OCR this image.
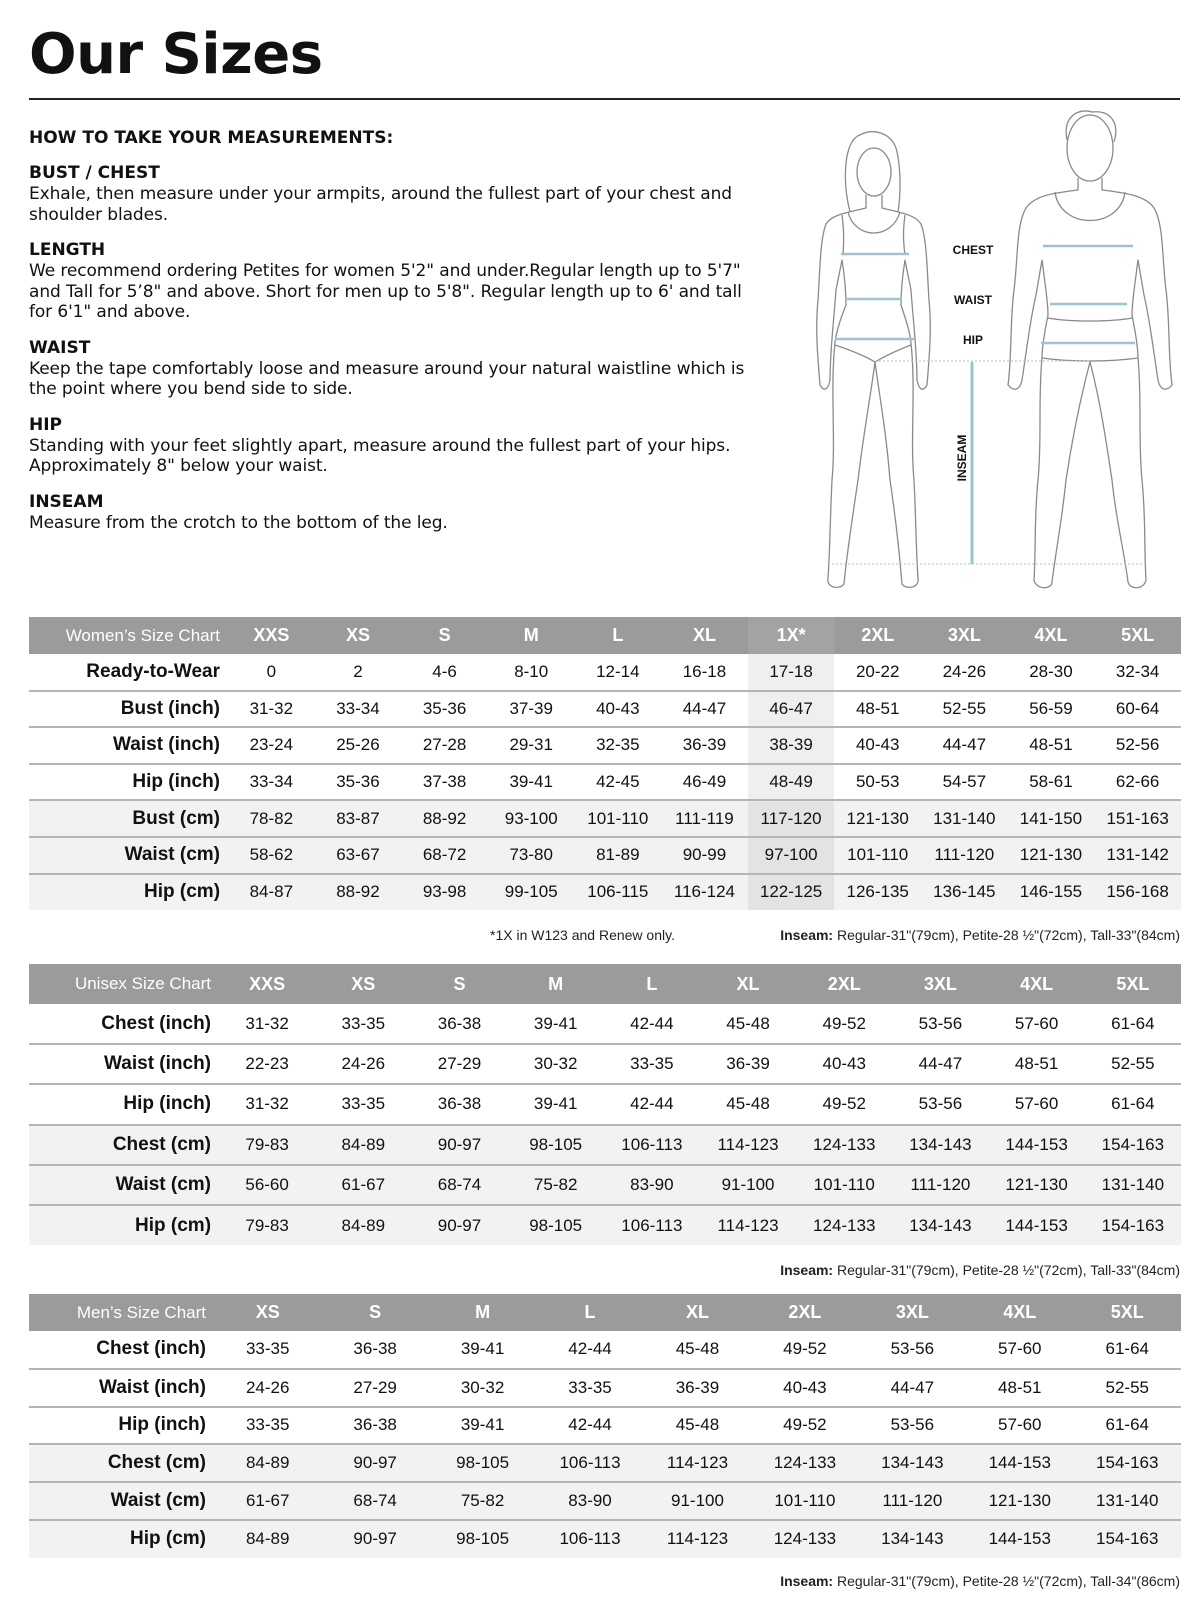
Our Sizes
HOW TO TAKE YOUR MEASUREMENTS:
BUST / CHEST

Exhale, then measure under your armpits, around the fullest part of your chest and shoulder blades.

LENGTH

We recommend ordering Petites for women 5'2" and under.Regular length up to 5'7" and Tall for 5’8" and above. Short for men up to 5'8". Regular length up to 6' and tall for 6'1" and above.

WAIST

Keep the tape comfortably loose and measure around your natural waistline which is the point where you bend side to side.

HIP

Standing with your feet slightly apart, measure around the fullest part of your hips. Approximately 8" below your waist.

INSEAM

Measure from the crotch to the bottom of the leg.

CHEST
WAIST
HIP
INSEAM
Women’s Size Chart	XXS	XS	S	M	L	XL	1X*	2XL	3XL	4XL	5XL
Ready-to-Wear	0	2	4-6	8-10	12-14	16-18	17-18	20-22	24-26	28-30	32-34
Bust (inch)	31-32	33-34	35-36	37-39	40-43	44-47	46-47	48-51	52-55	56-59	60-64
Waist (inch)	23-24	25-26	27-28	29-31	32-35	36-39	38-39	40-43	44-47	48-51	52-56
Hip (inch)	33-34	35-36	37-38	39-41	42-45	46-49	48-49	50-53	54-57	58-61	62-66
Bust (cm)	78-82	83-87	88-92	93-100	101-110	111-119	117-120	121-130	131-140	141-150	151-163
Waist (cm)	58-62	63-67	68-72	73-80	81-89	90-99	97-100	101-110	111-120	121-130	131-142
Hip (cm)	84-87	88-92	93-98	99-105	106-115	116-124	122-125	126-135	136-145	146-155	156-168
*1X in W123 and Renew only.	Inseam: Regular-31"(79cm), Petite-28 ½"(72cm), Tall-33"(84cm)
Unisex Size Chart	XXS	XS	S	M	L	XL	2XL	3XL	4XL	5XL
Chest (inch)	31-32	33-35	36-38	39-41	42-44	45-48	49-52	53-56	57-60	61-64
Waist (inch)	22-23	24-26	27-29	30-32	33-35	36-39	40-43	44-47	48-51	52-55
Hip (inch)	31-32	33-35	36-38	39-41	42-44	45-48	49-52	53-56	57-60	61-64
Chest (cm)	79-83	84-89	90-97	98-105	106-113	114-123	124-133	134-143	144-153	154-163
Waist (cm)	56-60	61-67	68-74	75-82	83-90	91-100	101-110	111-120	121-130	131-140
Hip (cm)	79-83	84-89	90-97	98-105	106-113	114-123	124-133	134-143	144-153	154-163
Inseam: Regular-31"(79cm), Petite-28 ½"(72cm), Tall-33"(84cm)
Men’s Size Chart	XS	S	M	L	XL	2XL	3XL	4XL	5XL
Chest (inch)	33-35	36-38	39-41	42-44	45-48	49-52	53-56	57-60	61-64
Waist (inch)	24-26	27-29	30-32	33-35	36-39	40-43	44-47	48-51	52-55
Hip (inch)	33-35	36-38	39-41	42-44	45-48	49-52	53-56	57-60	61-64
Chest (cm)	84-89	90-97	98-105	106-113	114-123	124-133	134-143	144-153	154-163
Waist (cm)	61-67	68-74	75-82	83-90	91-100	101-110	111-120	121-130	131-140
Hip (cm)	84-89	90-97	98-105	106-113	114-123	124-133	134-143	144-153	154-163
Inseam: Regular-31"(79cm), Petite-28 ½"(72cm), Tall-34"(86cm)
